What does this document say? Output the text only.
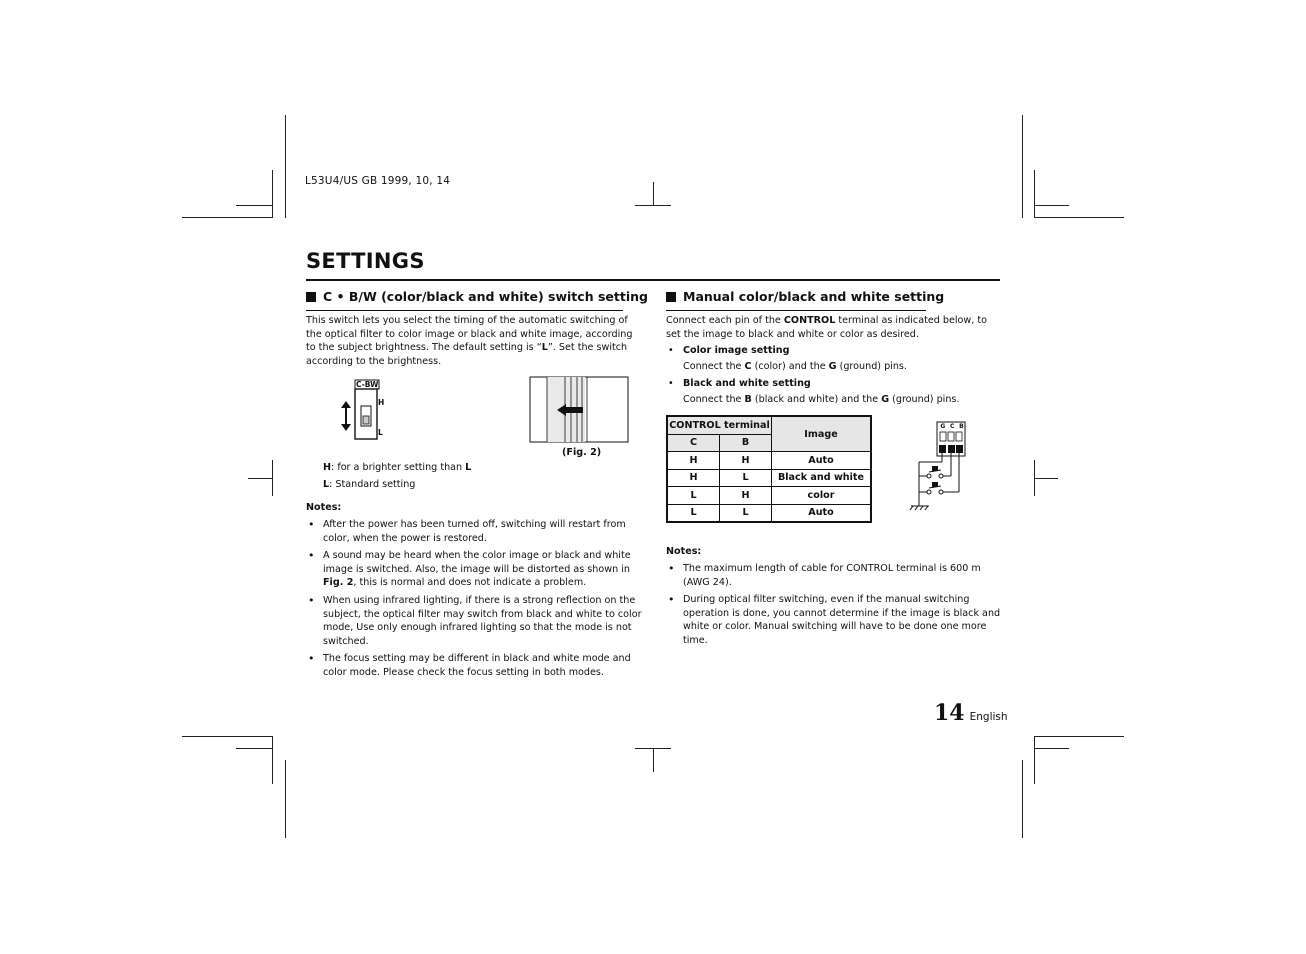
L53U4/US GB 1999, 10, 14
SETTINGS
C • B/W (color/black and white) switch setting
This switch lets you select the timing of the automatic switching of
the optical filter to color image or black and white image, according
to the subject brightness. The default setting is “L”. Set the switch
according to the brightness.
C-BW
H
L
(Fig. 2)
H: for a brighter setting than L
L: Standard setting
Notes:
• After the power has been turned off, switching will restart from
color, when the power is restored.
• A sound may be heard when the color image or black and white
image is switched. Also, the image will be distorted as shown in
Fig. 2, this is normal and does not indicate a problem.
• When using infrared lighting, if there is a strong reflection on the
subject, the optical filter may switch from black and white to color
mode, Use only enough infrared lighting so that the mode is not
switched.
• The focus setting may be different in black and white mode and
color mode. Please check the focus setting in both modes.
Manual color/black and white setting
Connect each pin of the CONTROL terminal as indicated below, to
set the image to black and white or color as desired.
• Color image setting
Connect the C (color) and the G (ground) pins.
• Black and white setting
Connect the B (black and white) and the G (ground) pins.
CONTROL terminal		Image
C	B	
H	H	Auto
H	L	Black and white
L	H	color
L	L	Auto
G C B
Notes:
• The maximum length of cable for CONTROL terminal is 600 m
(AWG 24).
• During optical filter switching, even if the manual switching
operation is done, you cannot determine if the image is black and
white or color. Manual switching will have to be done one more time.
14 English
